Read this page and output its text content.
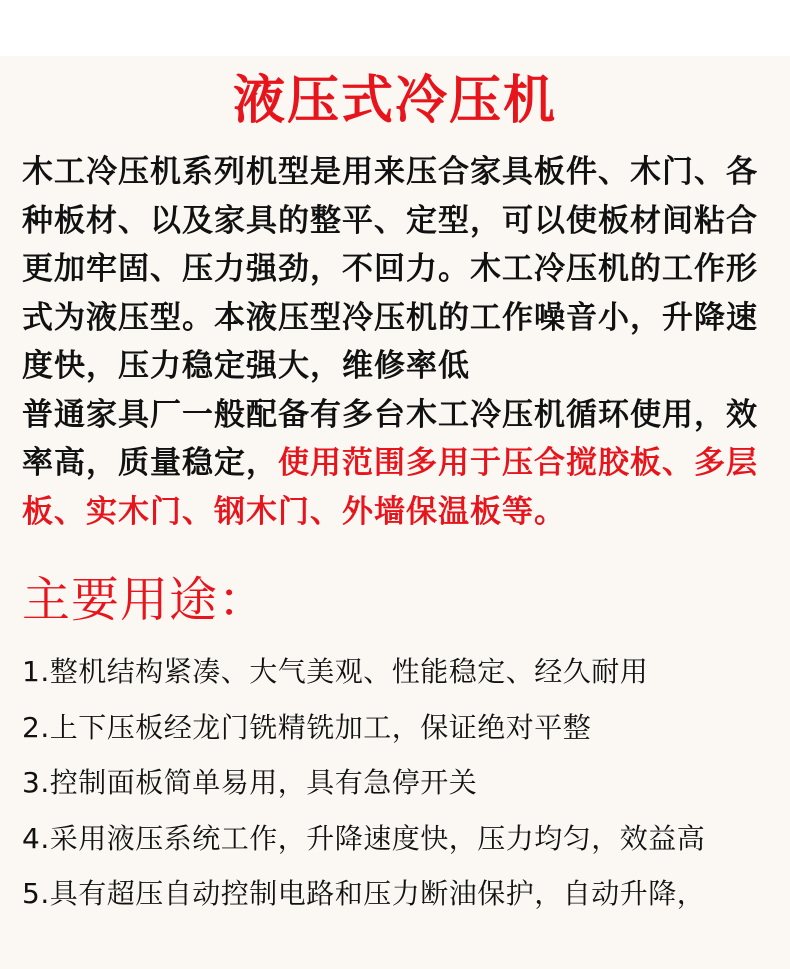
液压式冷压机

木工冷压机系列机型是用来压合家具板件、木门、各种板材、以及家具的整平、定型，可以使板材间粘合更加牢固、压力强劲，不回力。木工冷压机的工作形式为液压型。本液压型冷压机的工作噪音小，升降速度快，压力稳定强大，维修率低

普通家具厂一般配备有多台木工冷压机循环使用，效率高，质量稳定，使用范围多用于压合搅胶板、多层板、实木门、钢木门、外墙保温板等。

主要用途：
1.整机结构紧凑、大气美观、性能稳定、经久耐用
2.上下压板经龙门铣精铣加工，保证绝对平整
3.控制面板简单易用，具有急停开关
4.采用液压系统工作，升降速度快，压力均匀，效益高
5.具有超压自动控制电路和压力断油保护，自动升降，
